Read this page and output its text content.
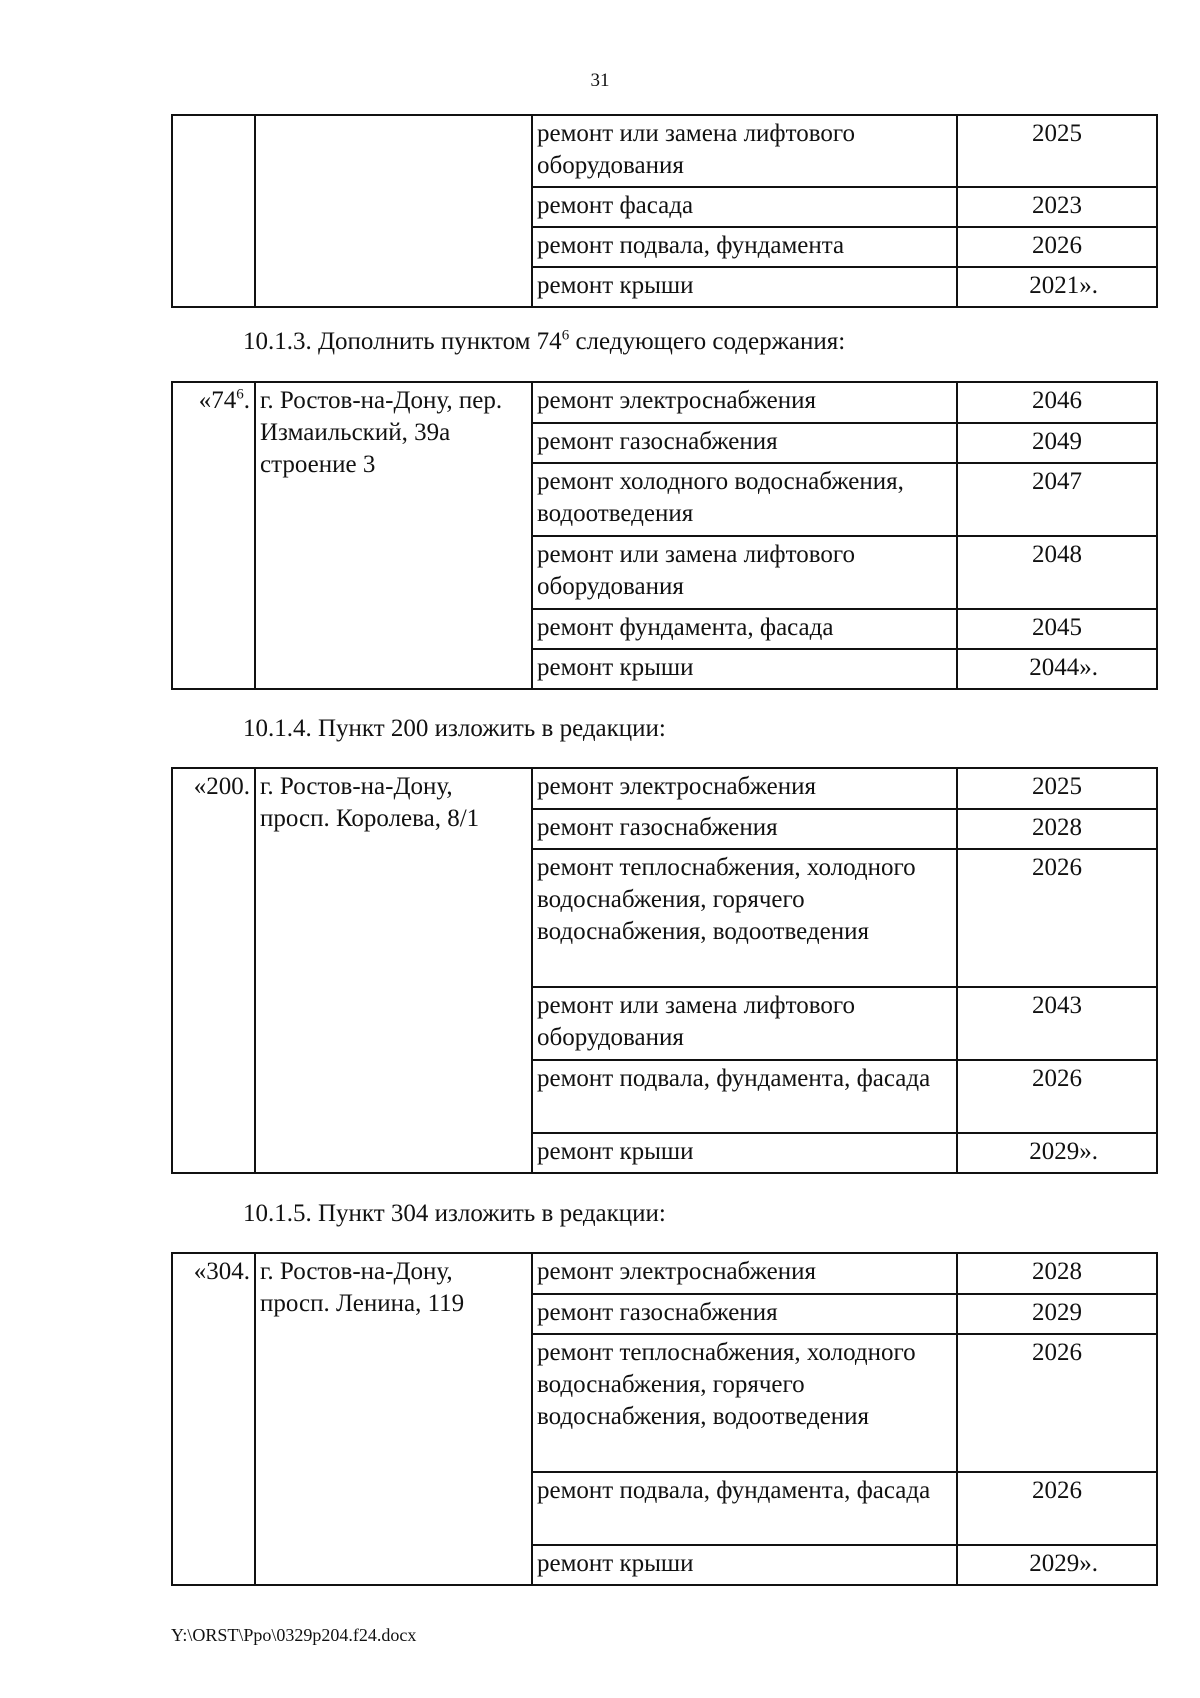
31
		ремонт или замена лифтового оборудования	2025
		ремонт фасада	2023
		ремонт подвала, фундамента	2026
		ремонт крыши	2021».
10.1.3. Дополнить пунктом $74^6$ следующего содержания:
«$74^6$.	г. Ростов-на-Дону, пер. Измаильский, 39а строение 3	ремонт электроснабжения	2046
		ремонт газоснабжения	2049
		ремонт холодного водоснабжения, водоотведения	2047
		ремонт или замена лифтового оборудования	2048
		ремонт фундамента, фасада	2045
		ремонт крыши	2044».
10.1.4. Пункт 200 изложить в редакции:
«200.	г. Ростов-на-Дону, просп. Королева, 8/1	ремонт электроснабжения	2025
		ремонт газоснабжения	2028
		ремонт теплоснабжения, холодного водоснабжения, горячего водоснабжения, водоотведения	2026
		ремонт или замена лифтового оборудования	2043
		ремонт подвала, фундамента, фасада	2026
		ремонт крыши	2029».
10.1.5. Пункт 304 изложить в редакции:
«304.	г. Ростов-на-Дону, просп. Ленина, 119	ремонт электроснабжения	2028
		ремонт газоснабжения	2029
		ремонт теплоснабжения, холодного водоснабжения, горячего водоснабжения, водоотведения	2026
		ремонт подвала, фундамента, фасада	2026
		ремонт крыши	2029».
Y:\ORST\Ppo\0329p204.f24.docx
